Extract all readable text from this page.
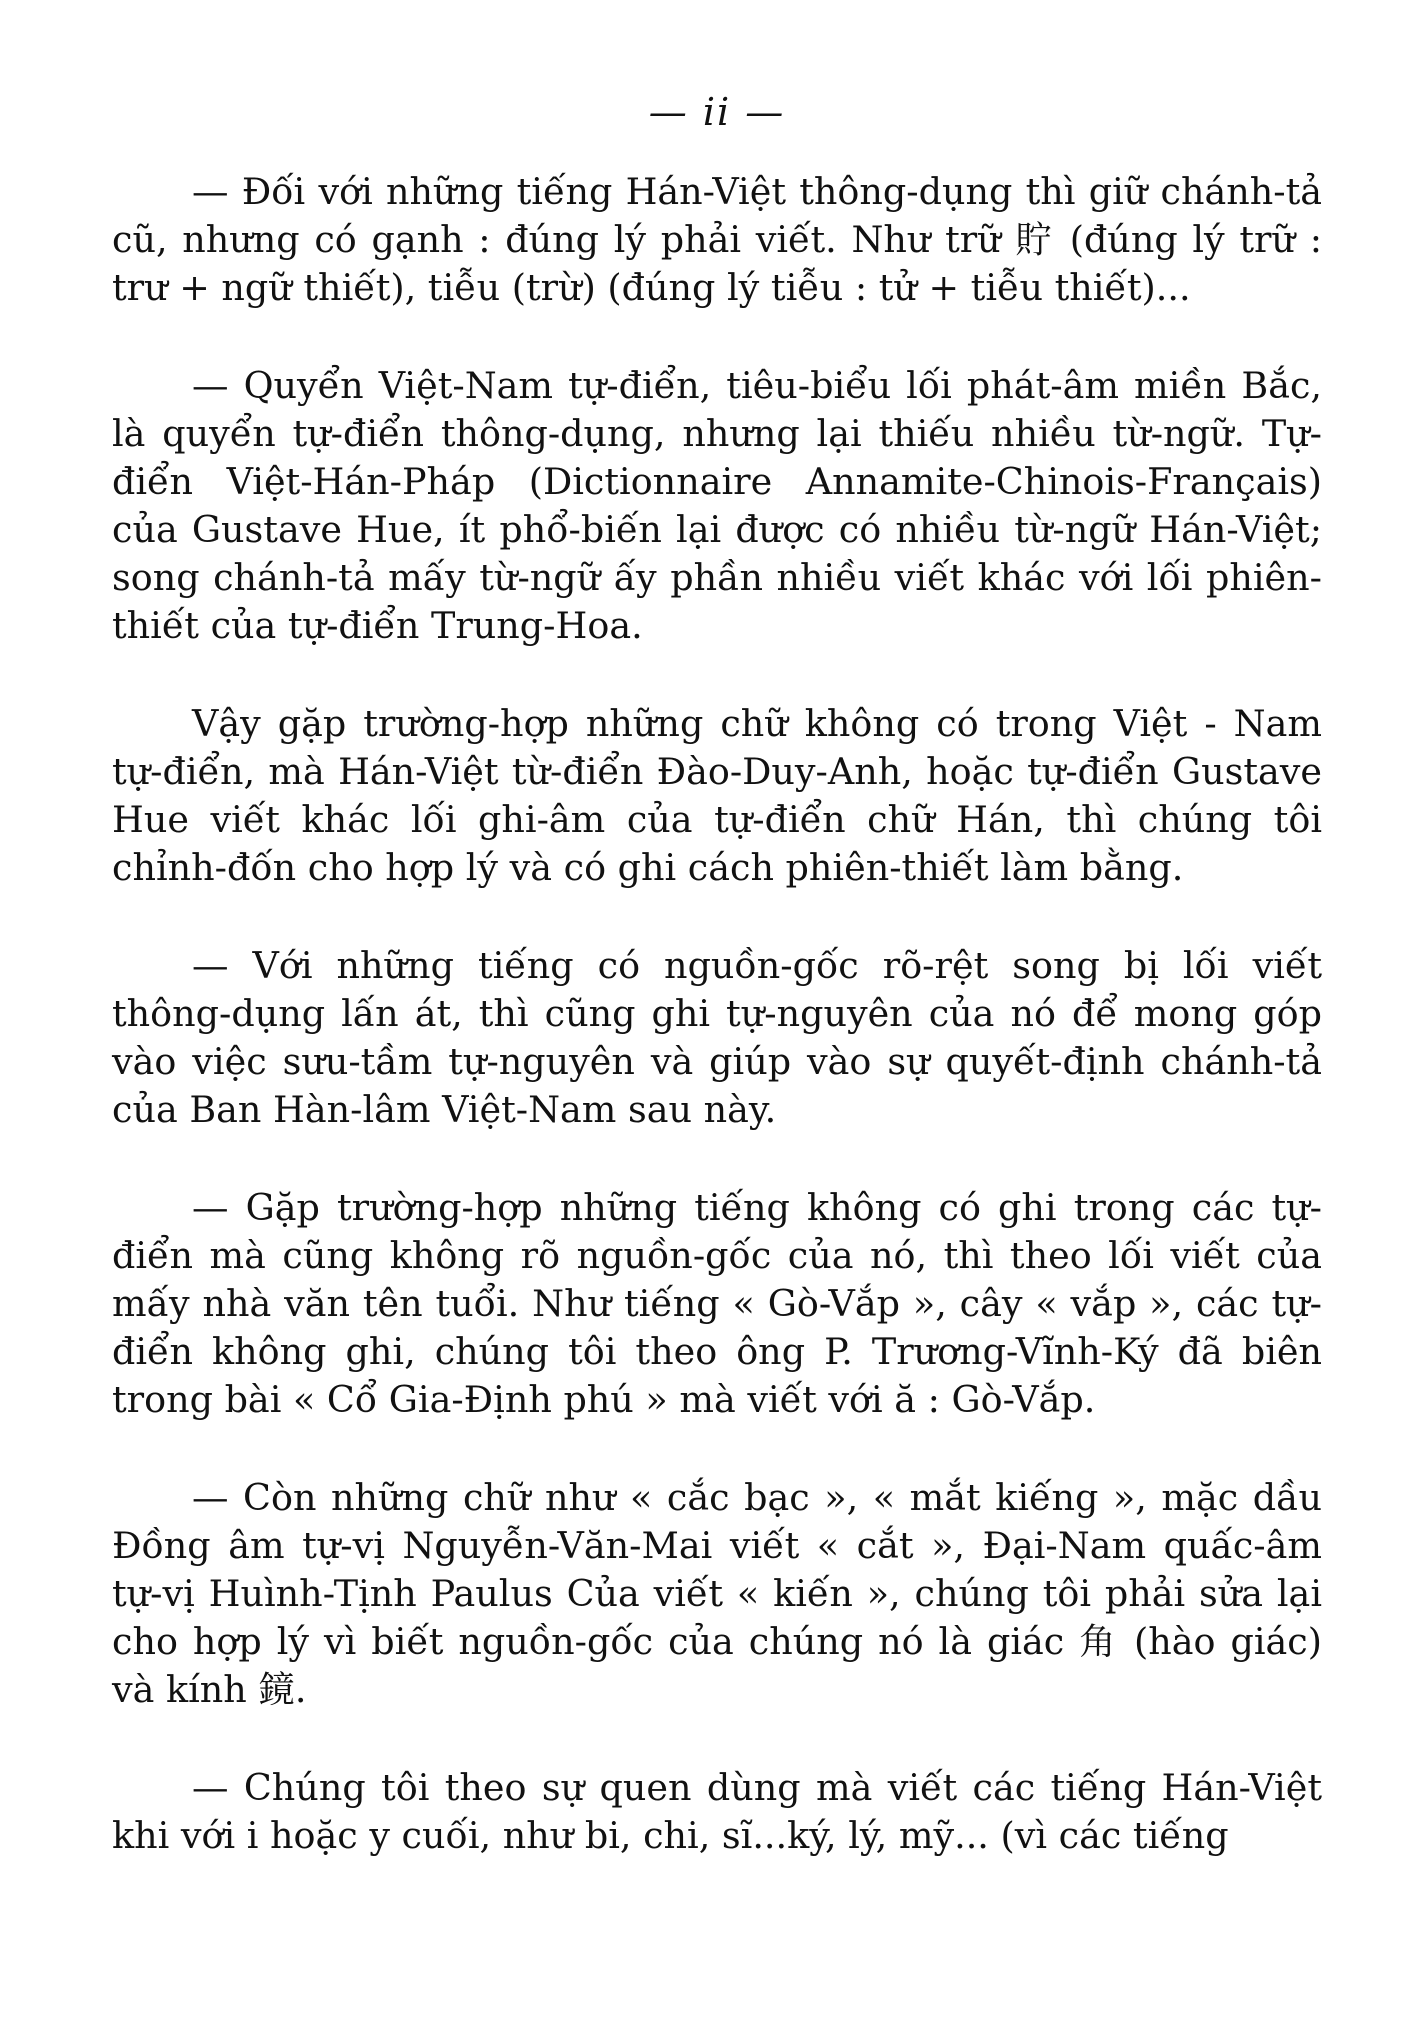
— ii —

— Đối với những tiếng Hán-Việt thông-dụng thì giữ chánh-tả cũ, nhưng có gạnh : đúng lý phải viết. Như trữ 貯 (đúng lý trữ : trư + ngữ thiết), tiễu (trừ) (đúng lý tiễu : tử + tiễu thiết)...

— Quyển Việt-Nam tự-điển, tiêu-biểu lối phát-âm miền Bắc, là quyển tự-điển thông-dụng, nhưng lại thiếu nhiều từ-ngữ. Tự-điển Việt-Hán-Pháp (Dictionnaire Annamite-Chinois-Français) của Gustave Hue, ít phổ-biến lại được có nhiều từ-ngữ Hán-Việt; song chánh-tả mấy từ-ngữ ấy phần nhiều viết khác với lối phiên-thiết của tự-điển Trung-Hoa.

Vậy gặp trường-hợp những chữ không có trong Việt - Nam tự-điển, mà Hán-Việt từ-điển Đào-Duy-Anh, hoặc tự-điển Gustave Hue viết khác lối ghi-âm của tự-điển chữ Hán, thì chúng tôi chỉnh-đốn cho hợp lý và có ghi cách phiên-thiết làm bằng.

— Với những tiếng có nguồn-gốc rõ-rệt song bị lối viết thông-dụng lấn át, thì cũng ghi tự-nguyên của nó để mong góp vào việc sưu-tầm tự-nguyên và giúp vào sự quyết-định chánh-tả của Ban Hàn-lâm Việt-Nam sau này.

— Gặp trường-hợp những tiếng không có ghi trong các tự-điển mà cũng không rõ nguồn-gốc của nó, thì theo lối viết của mấy nhà văn tên tuổi. Như tiếng « Gò-Vắp », cây « vắp », các tự-điển không ghi, chúng tôi theo ông P. Trương-Vĩnh-Ký đã biên trong bài « Cổ Gia-Định phú » mà viết với ă : Gò-Vắp.

— Còn những chữ như « cắc bạc », « mắt kiếng », mặc dầu Đồng âm tự-vị Nguyễn-Văn-Mai viết « cắt », Đại-Nam quấc-âm tự-vị Huình-Tịnh Paulus Của viết « kiến », chúng tôi phải sửa lại cho hợp lý vì biết nguồn-gốc của chúng nó là giác 角 (hào giác) và kính 鏡.

— Chúng tôi theo sự quen dùng mà viết các tiếng Hán-Việt khi với i hoặc y cuối, như bi, chi, sĩ...ký, lý, mỹ... (vì các tiếng
